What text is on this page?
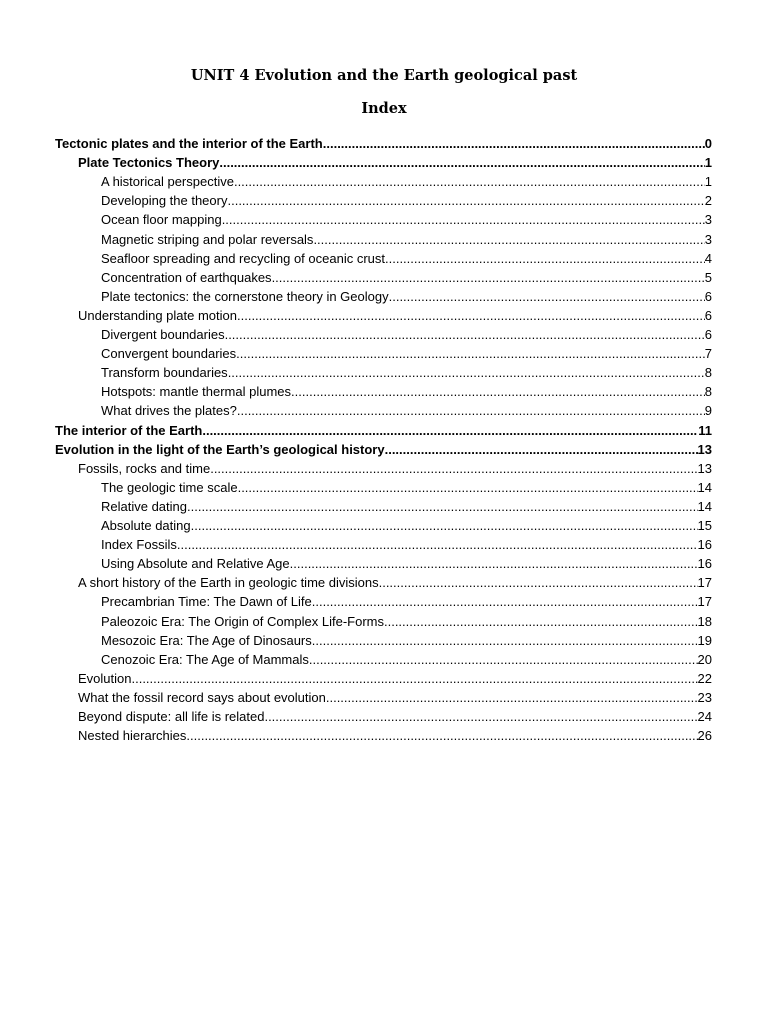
UNIT 4 Evolution and the Earth geological past
Index
Tectonic plates and the interior of the Earth .....	0
Plate Tectonics Theory .....	1
A historical perspective .....	1
Developing the theory .....	2
Ocean floor mapping .....	3
Magnetic striping and polar reversals .....	3
Seafloor spreading and recycling of oceanic crust .....	4
Concentration of earthquakes .....	5
Plate tectonics: the cornerstone theory in Geology .....	6
Understanding plate motion .....	6
Divergent boundaries .....	6
Convergent boundaries .....	7
Transform boundaries .....	8
Hotspots: mantle thermal plumes .....	8
What drives the plates? .....	9
The interior of the Earth .....	11
Evolution in the light of the Earth’s geological history .....	13
Fossils, rocks and time .....	13
The geologic time scale .....	14
Relative dating .....	14
Absolute dating .....	15
Index Fossils .....	16
Using Absolute and Relative Age .....	16
A short history of the Earth in geologic time divisions .....	17
Precambrian Time: The Dawn of Life .....	17
Paleozoic Era: The Origin of Complex Life-Forms .....	18
Mesozoic Era: The Age of Dinosaurs .....	19
Cenozoic Era: The Age of Mammals .....	20
Evolution .....	22
What the fossil record says about evolution .....	23
Beyond dispute: all life is related .....	24
Nested hierarchies .....	26
